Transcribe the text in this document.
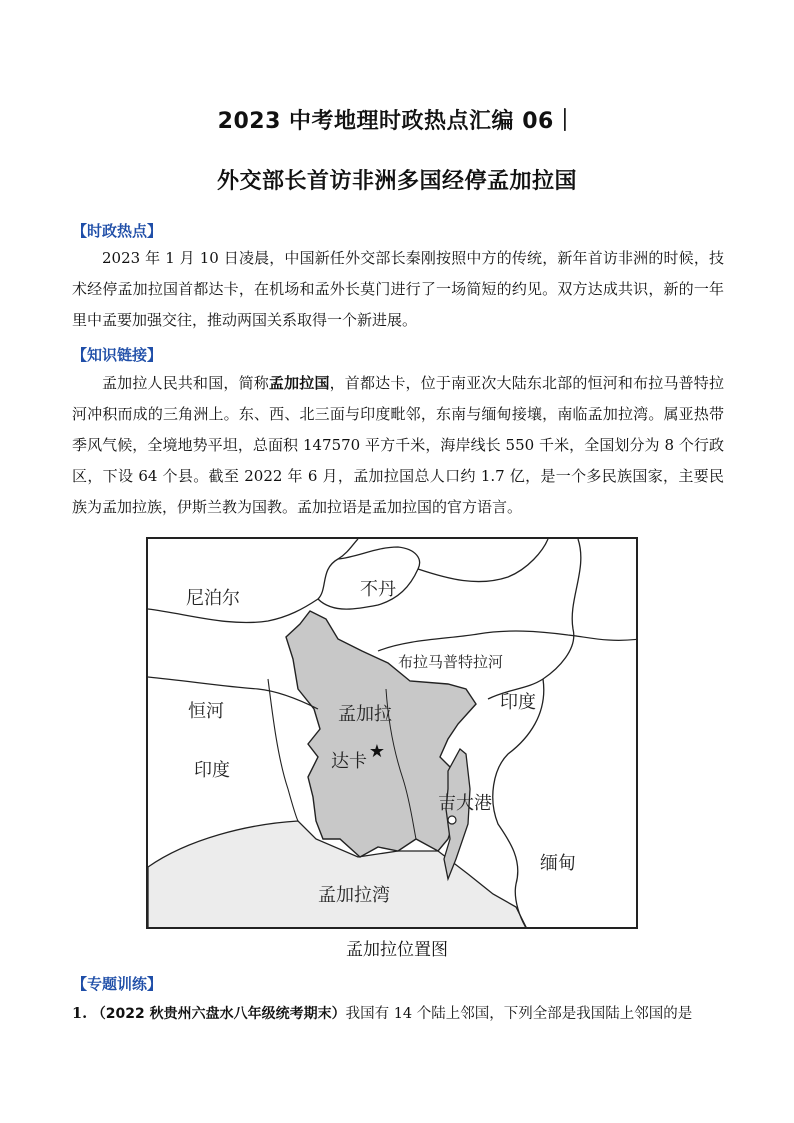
2023 中考地理时政热点汇编 06｜
外交部长首访非洲多国经停孟加拉国
【时政热点】
2023 年 1 月 10 日凌晨，中国新任外交部长秦刚按照中方的传统，新年首访非洲的时候，技术经停孟加拉国首都达卡，在机场和孟外长莫门进行了一场简短的约见。双方达成共识，新的一年里中孟要加强交往，推动两国关系取得一个新进展。
【知识链接】
孟加拉人民共和国，简称孟加拉国，首都达卡，位于南亚次大陆东北部的恒河和布拉马普特拉河冲积而成的三角洲上。东、西、北三面与印度毗邻，东南与缅甸接壤，南临孟加拉湾。属亚热带季风气候，全境地势平坦，总面积 147570 平方千米，海岸线长 550 千米，全国划分为 8 个行政区，下设 64 个县。截至 2022 年 6 月，孟加拉国总人口约 1.7 亿，是一个多民族国家，主要民族为孟加拉族，伊斯兰教为国教。孟加拉语是孟加拉国的官方语言。
★
尼泊尔	不丹
布拉马普特拉河
恒河	孟加拉
印度
印度	达卡
吉大港
缅甸
孟加拉湾
孟加拉位置图
【专题训练】
1. （2022 秋贵州六盘水八年级统考期末）我国有 14 个陆上邻国，下列全部是我国陆上邻国的是
